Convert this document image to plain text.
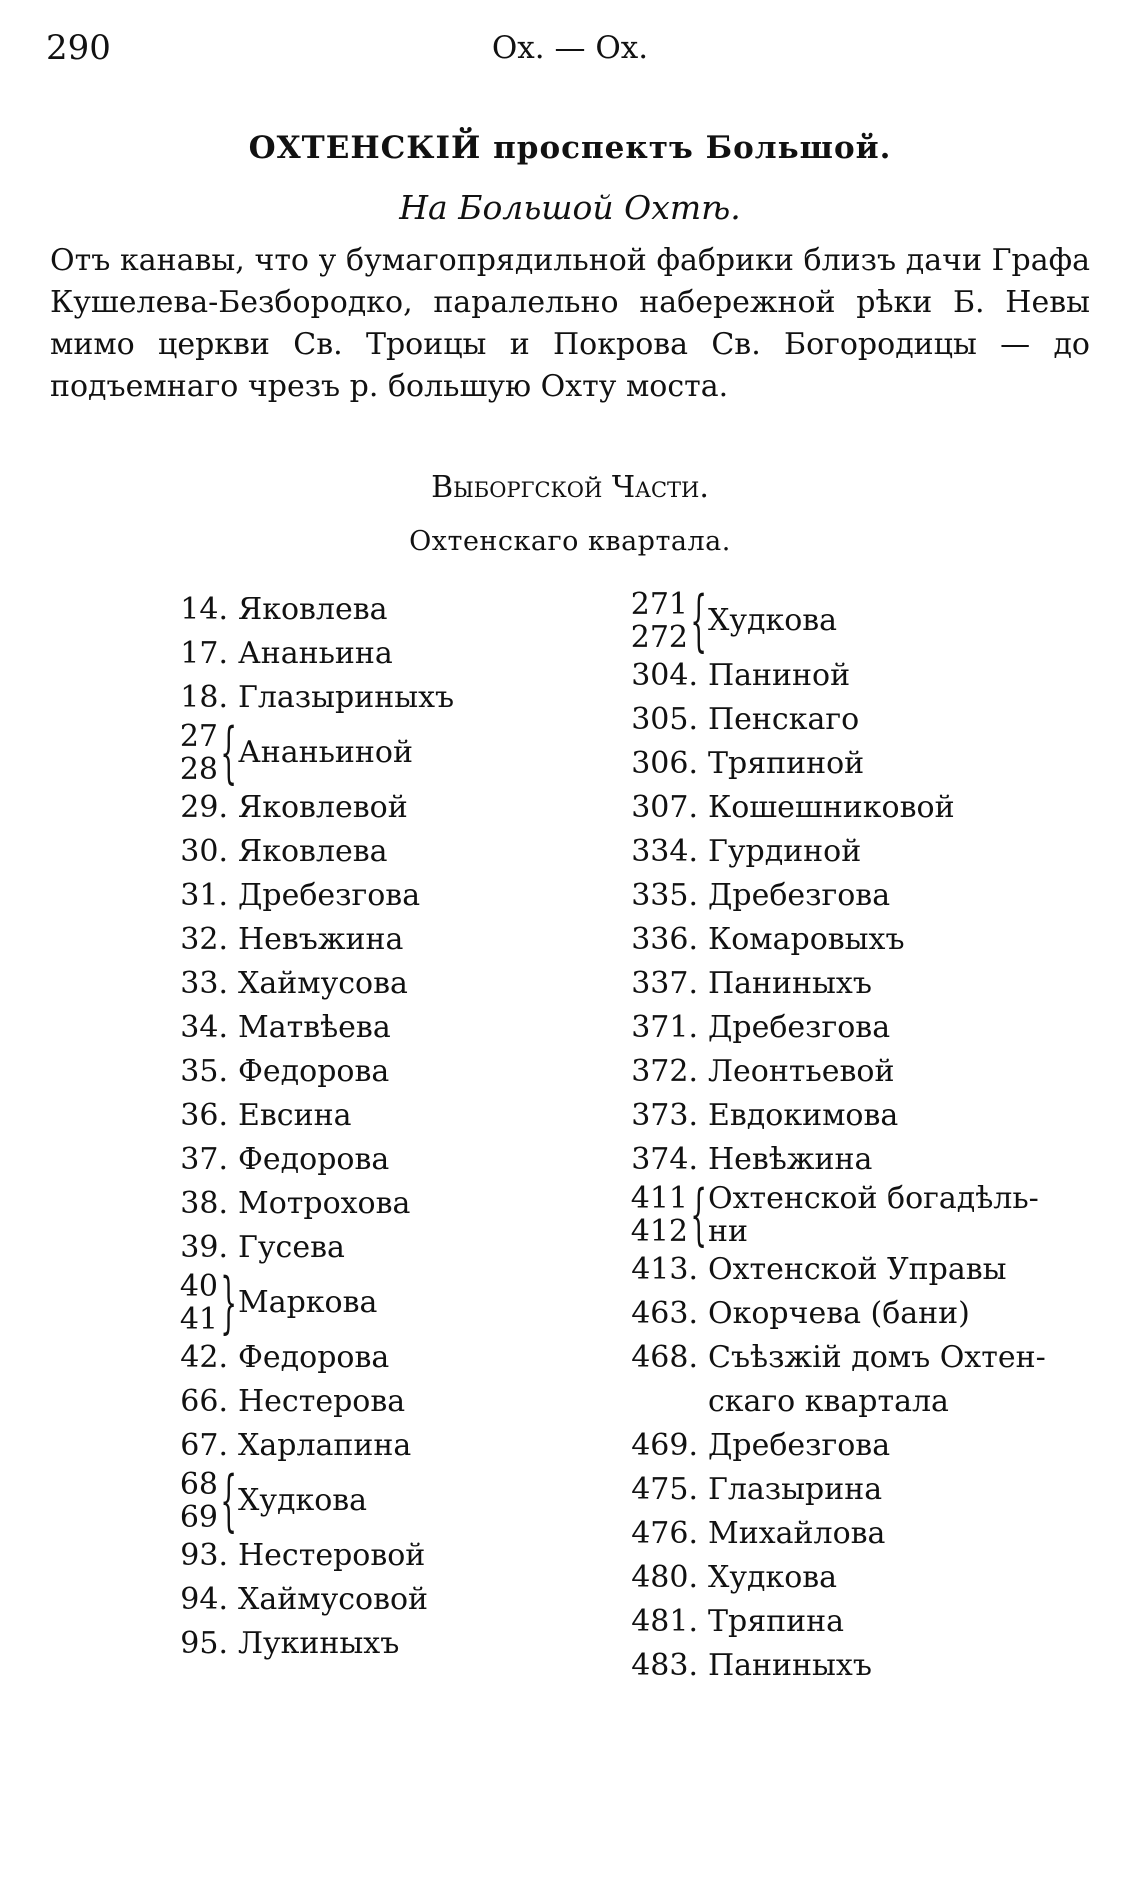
290	Ох. — Ох.
ОХТЕНСКІЙ проспектъ Большой.
На Большой Охтѣ.

Отъ канавы, что у бумагопрядильной фабрики близъ дачи Графа Кушелева-Безбородко, паралельно набережной рѣки Б. Невы мимо церкви Св. Троицы и Покрова Св. Богородицы — до подъемнаго чрезъ р. большую Охту моста.

Выборгской Части.
Охтенскаго квартала.
14. Яковлева
17. Ананьина
18. Глазыриныхъ
27
28 { Ананьиной
29. Яковлевой
30. Яковлева
31. Дребезгова
32. Невъжина
33. Хаймусова
34. Матвѣева
35. Федорова
36. Евсина
37. Федорова
38. Мотрохова
39. Гусева
40
41 } Маркова
42. Федорова
66. Нестерова
67. Харлапина
68
69 { Худкова
93. Нестеровой
94. Хаймусовой
95. Лукиныхъ
271
272 { Худкова
304. Паниной
305. Пенскаго
306. Тряпиной
307. Кошешниковой
334. Гурдиной
335. Дребезгова
336. Комаровыхъ
337. Паниныхъ
371. Дребезгова
372. Леонтьевой
373. Евдокимова
374. Невѣжина
411
412 { Охтенской богадѣль-
ни
413. Охтенской Управы
463. Окорчева (бани)
468. Съѣзжій домъ Охтен-
скаго квартала
469. Дребезгова
475. Глазырина
476. Михайлова
480. Худкова
481. Тряпина
483. Паниныхъ
